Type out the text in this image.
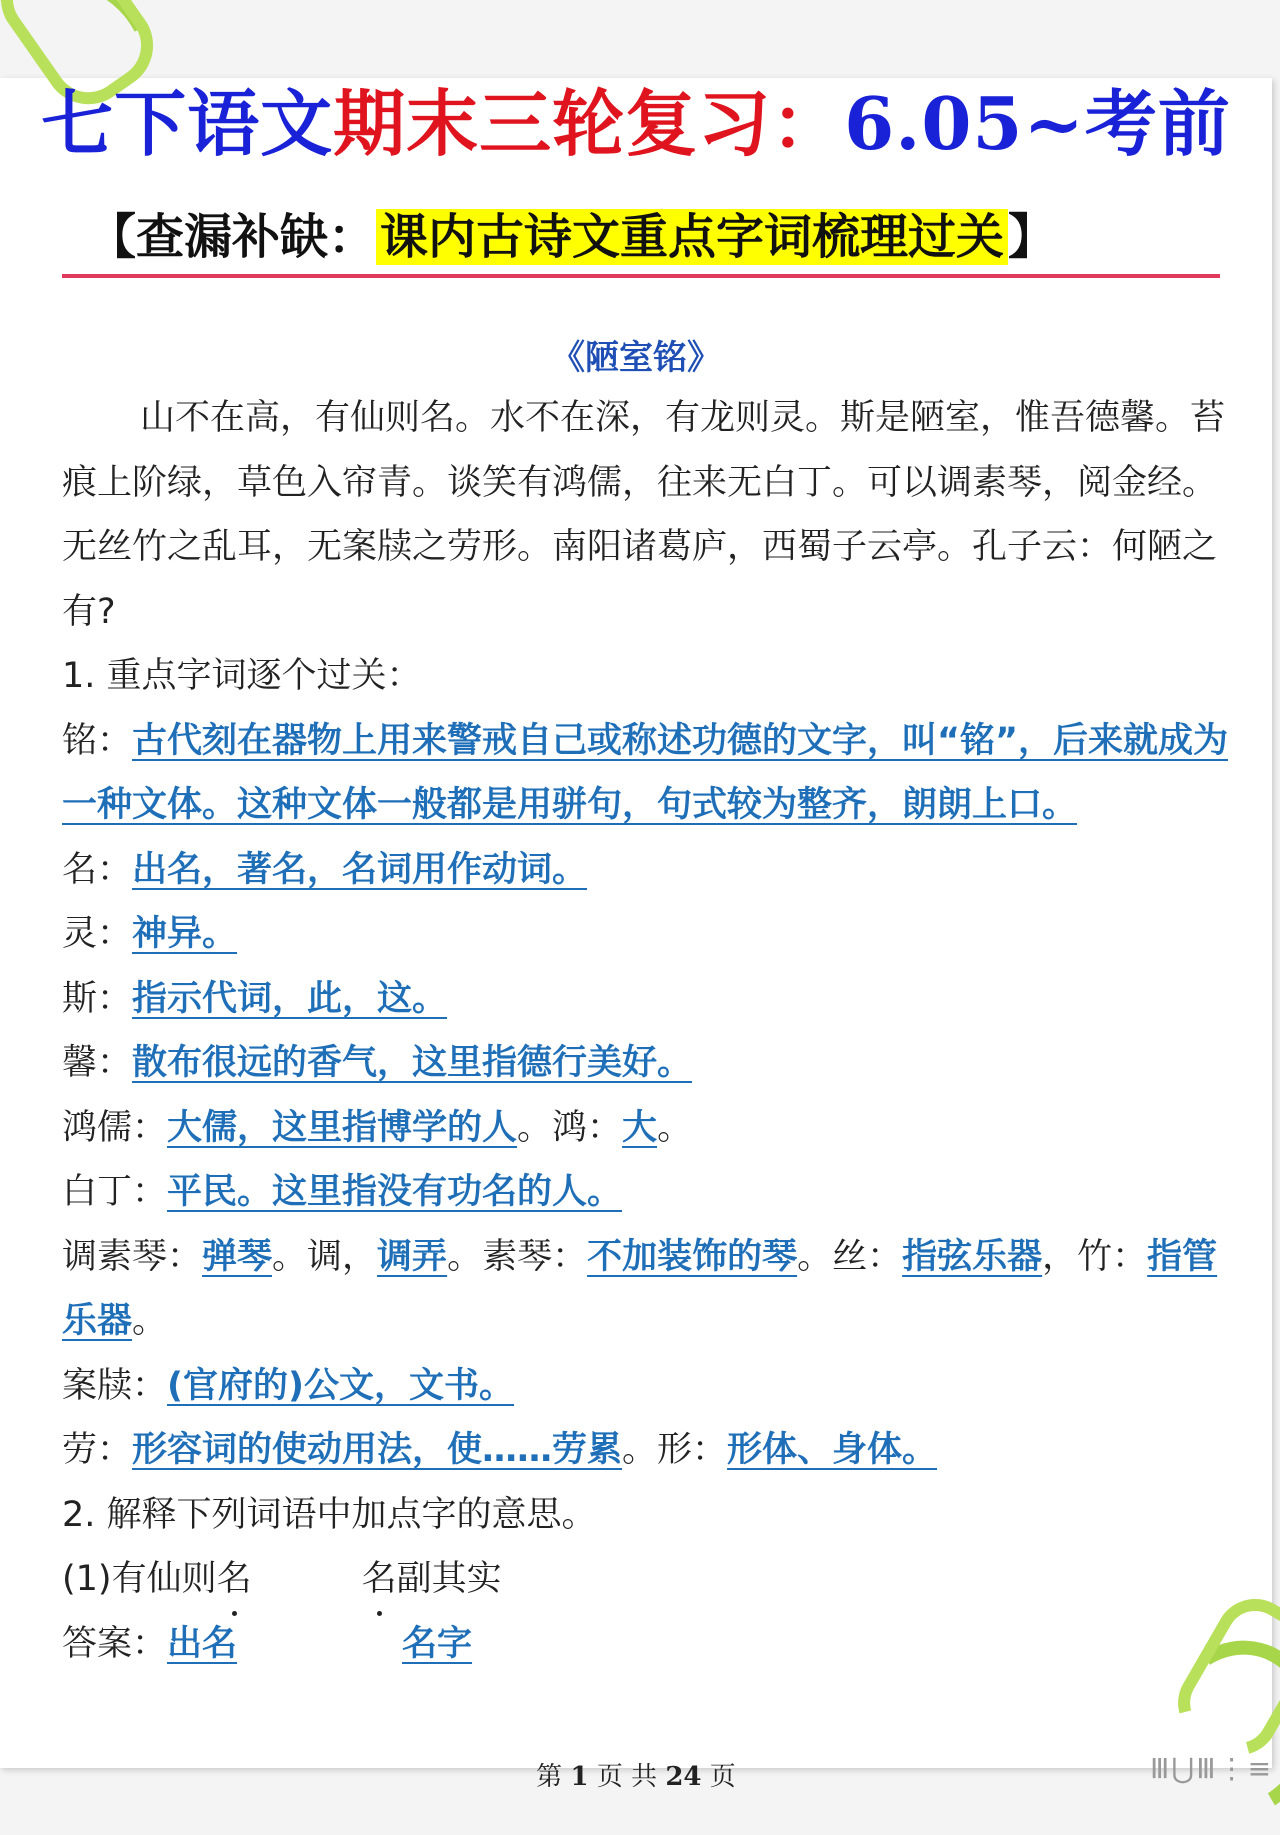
七下语文期末三轮复习：6.05~考前
【查漏补缺：课内古诗文重点字词梳理过关】
《陋室铭》

山不在高，有仙则名。水不在深，有龙则灵。斯是陋室，惟吾德馨。苔痕上阶绿，草色入帘青。谈笑有鸿儒，往来无白丁。可以调素琴，阅金经。无丝竹之乱耳，无案牍之劳形。南阳诸葛庐，西蜀子云亭。孔子云：何陋之有?

1. 重点字词逐个过关：

铭：古代刻在器物上用来警戒自己或称述功德的文字，叫“铭”，后来就成为一种文体。这种文体一般都是用骈句，句式较为整齐，朗朗上口。

名：出名，著名，名词用作动词。

灵：神异。

斯：指示代词，此，这。

馨：散布很远的香气，这里指德行美好。

鸿儒：大儒，这里指博学的人。鸿：大。

白丁：平民。这里指没有功名的人。

调素琴：弹琴。调，调弄。素琴：不加装饰的琴。丝：指弦乐器，竹：指管乐器。

案牍：(官府的)公文，文书。

劳：形容词的使动用法，使……劳累。形：形体、身体。

2. 解释下列词语中加点字的意思。

(1)有仙则名	名副其实

答案：出名	名字

第 1 页 共 24 页	Ⅲ⋃Ⅲ⋮≡
